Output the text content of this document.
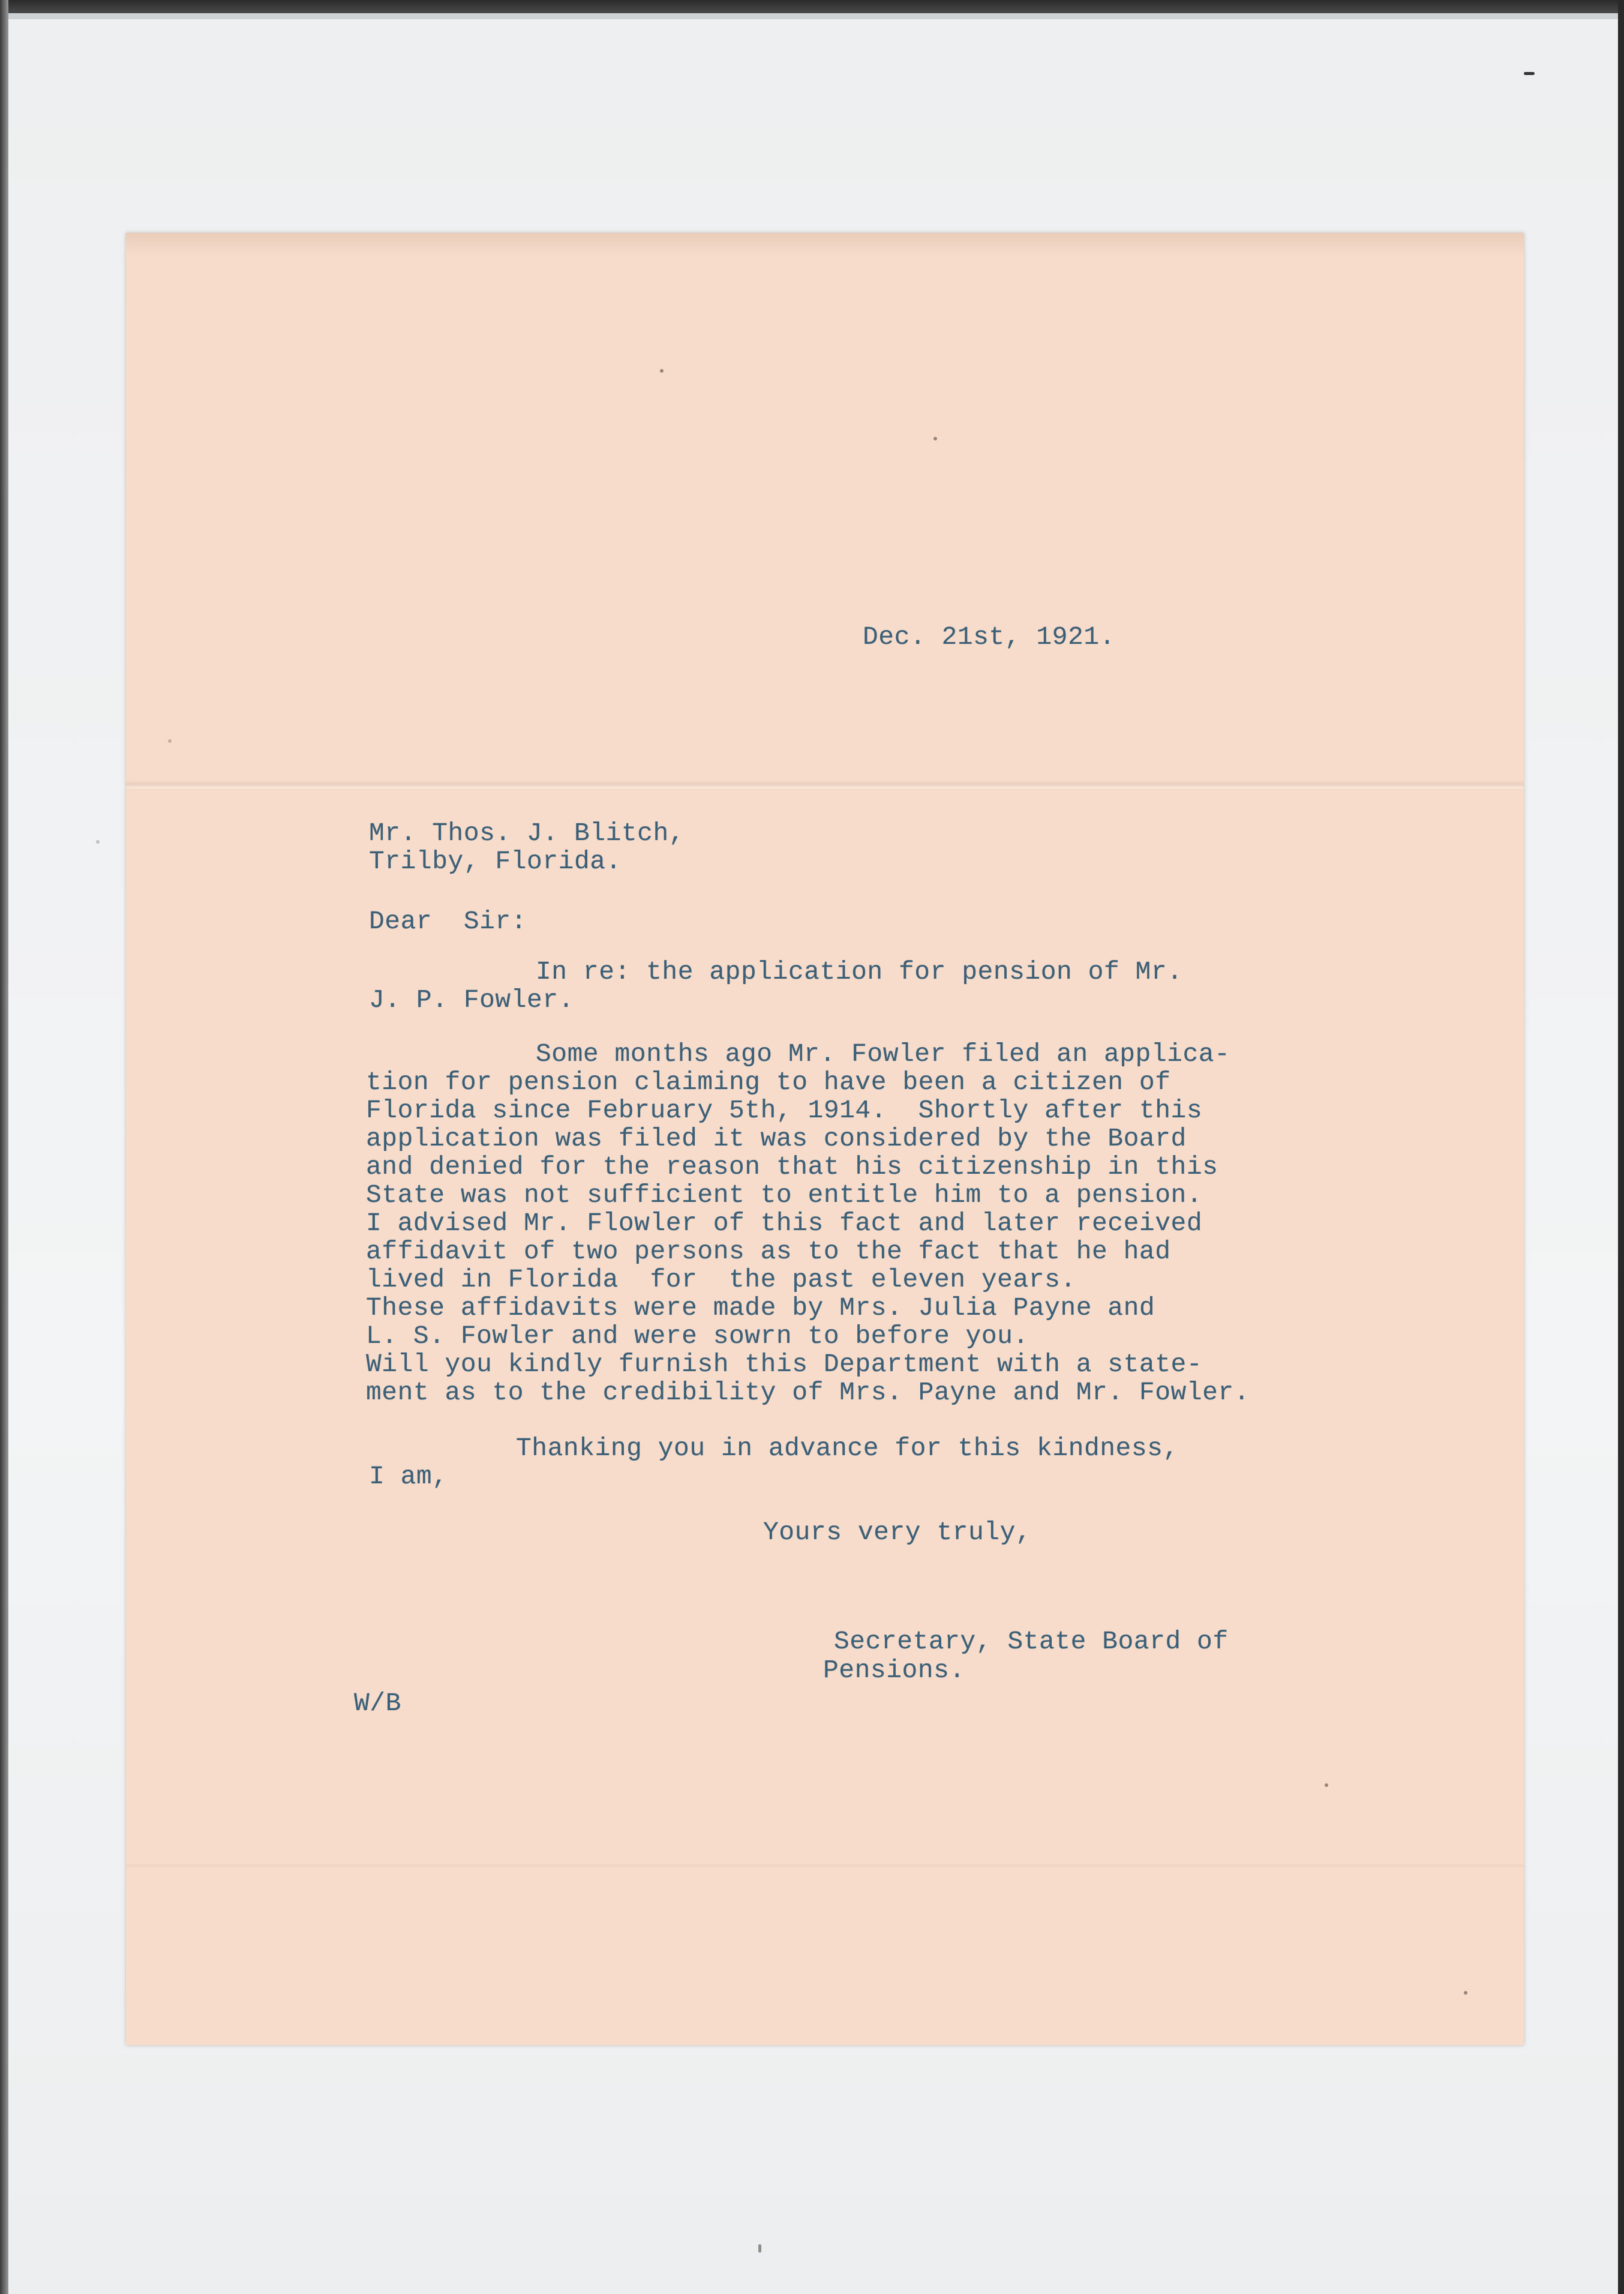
Dec. 21st, 1921.

Mr. Thos. J. Blitch,

Trilby, Florida.

Dear  Sir:

In re: the application for pension of Mr.

J. P. Fowler.

Some months ago Mr. Fowler filed an applica-
tion for pension claiming to have been a citizen of
Florida since February 5th, 1914.  Shortly after this
application was filed it was considered by the Board
and denied for the reason that his citizenship in this
State was not sufficient to entitle him to a pension.
I advised Mr. Flowler of this fact and later received
affidavit of two persons as to the fact that he had
lived in Florida  for  the past eleven years.
These affidavits were made by Mrs. Julia Payne and
L. S. Fowler and were sowrn to before you.
Will you kindly furnish this Department with a state-
ment as to the credibility of Mrs. Payne and Mr. Fowler.

Thanking you in advance for this kindness,

I am,

Yours very truly,

Secretary, State Board of

Pensions.

W/B
